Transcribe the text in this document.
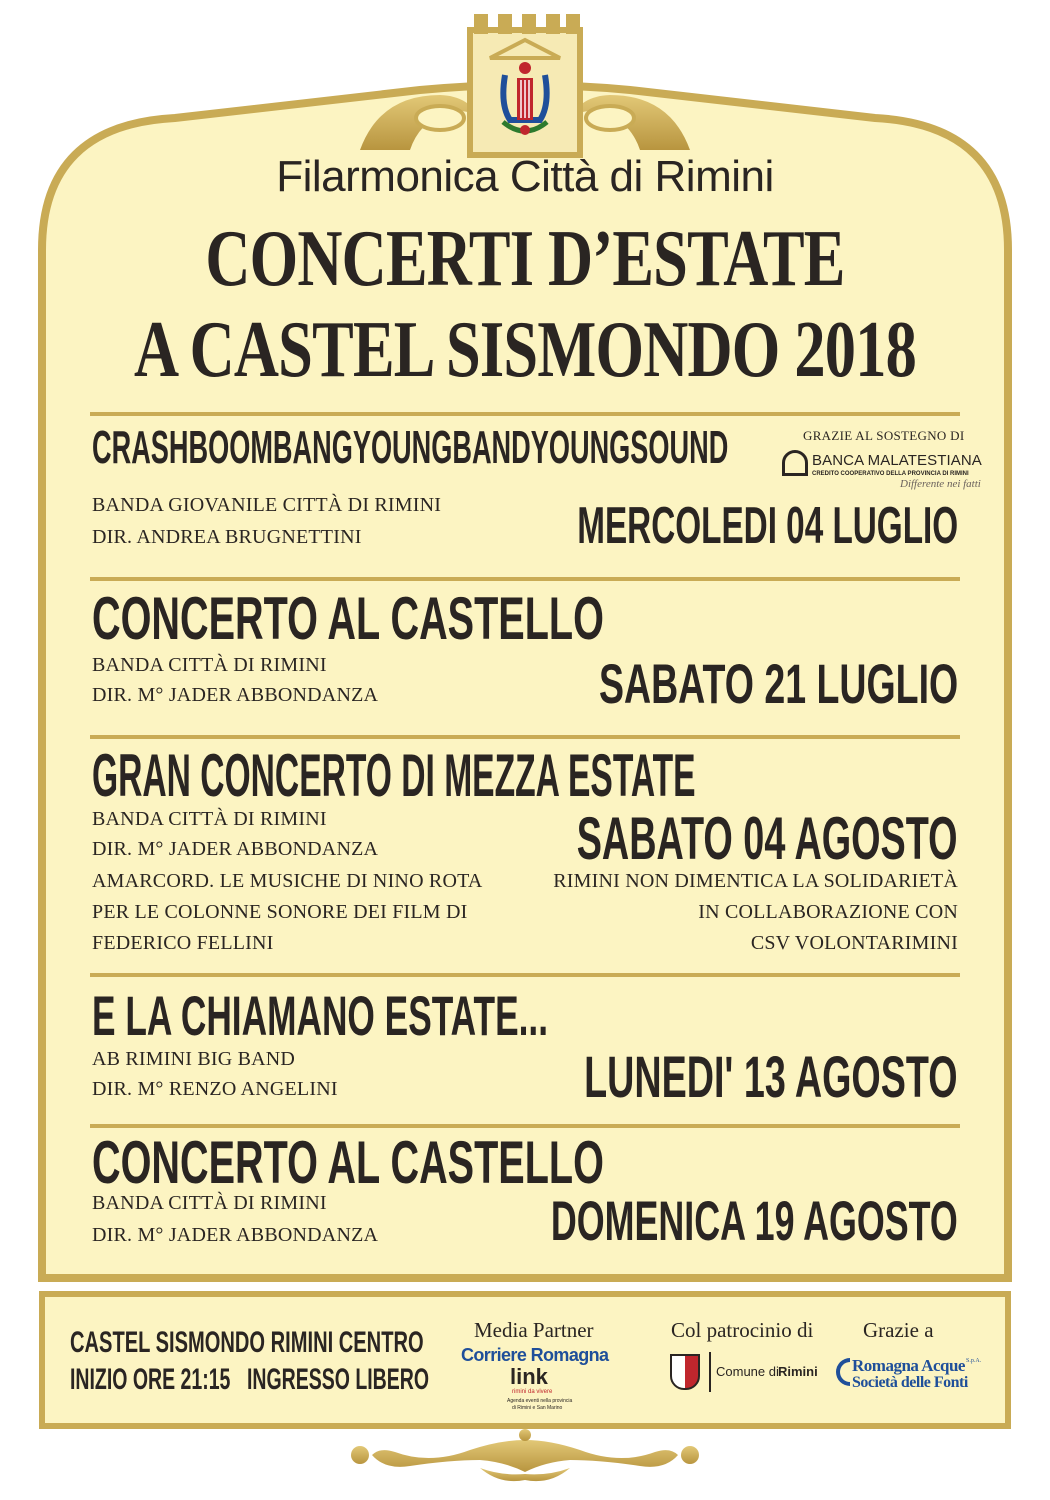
Filarmonica Città di Rimini
CONCERTI D’ESTATE
A CASTEL SISMONDO 2018
CRASHBOOMBANGYOUNGBANDYOUNGSOUND
BANDA GIOVANILE CITTÀ DI RIMINI
DIR. ANDREA BRUGNETTINI	MERCOLEDI 04 LUGLIO
GRAZIE AL SOSTEGNO DI
BANCA MALATESTIANA
CREDITO COOPERATIVO DELLA PROVINCIA DI RIMINI
Differente nei fatti
CONCERTO AL CASTELLO
BANDA CITTÀ DI RIMINI
DIR. M° JADER ABBONDANZA	SABATO 21 LUGLIO
GRAN CONCERTO DI MEZZA ESTATE
BANDA CITTÀ DI RIMINI
DIR. M° JADER ABBONDANZA
AMARCORD. LE MUSICHE DI NINO ROTA
PER LE COLONNE SONORE DEI FILM DI
FEDERICO FELLINI
SABATO 04 AGOSTO
RIMINI NON DIMENTICA LA SOLIDARIETÀ
IN COLLABORAZIONE CON
CSV VOLONTARIMINI
E LA CHIAMANO ESTATE...
AB RIMINI BIG BAND
DIR. M° RENZO ANGELINI	LUNEDI' 13 AGOSTO
CONCERTO AL CASTELLO
BANDA CITTÀ DI RIMINI
DIR. M° JADER ABBONDANZA	DOMENICA 19 AGOSTO
CASTEL SISMONDO RIMINI CENTRO
INIZIO ORE 21:15 INGRESSO LIBERO
Media Partner
Corriere Romagna
link
rimini da vivere
Agenda eventi nella provincia
di Rimini e San Marino
Col patrocinio di
Comune di Rimini
Grazie a
Romagna Acque S.p.A.
Società delle Fonti
